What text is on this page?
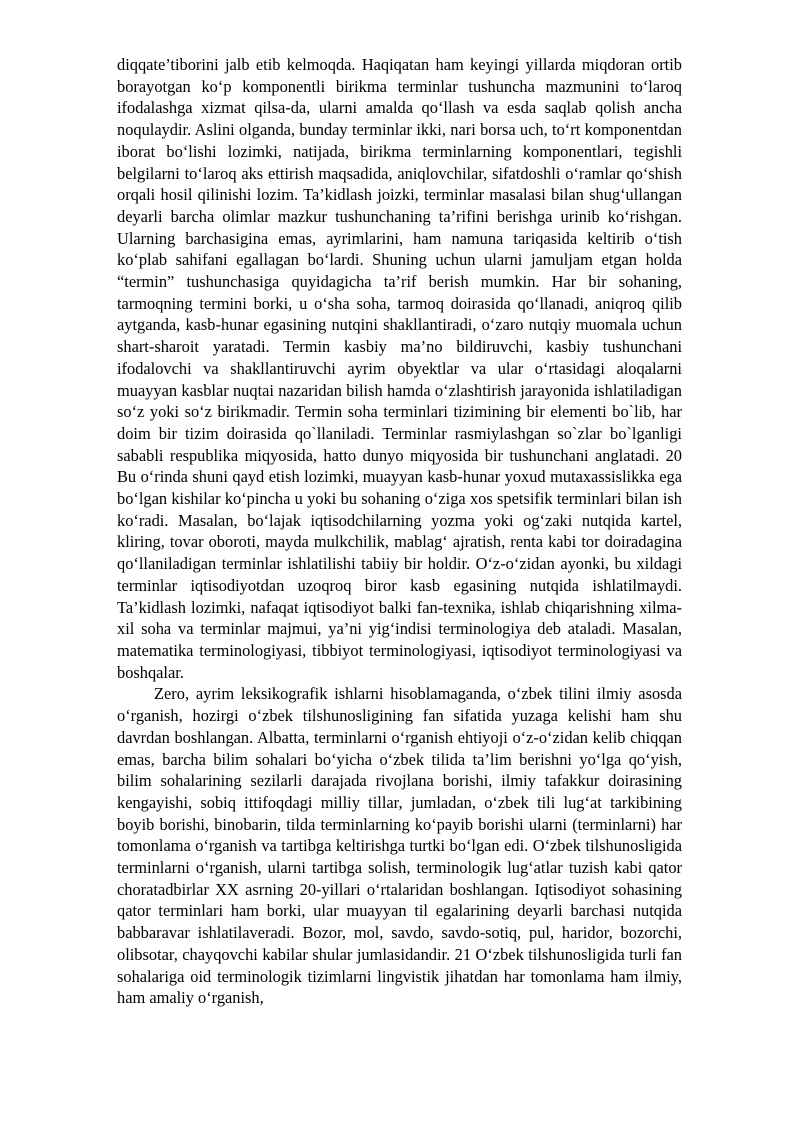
diqqate’tiborini jalb etib kelmoqda. Haqiqatan ham keyingi yillarda miqdoran ortib borayotgan ko‘p komponentli birikma terminlar tushuncha mazmunini to‘laroq ifodalashga xizmat qilsa-da, ularni amalda qo‘llash va esda saqlab qolish ancha noqulaydir. Aslini olganda, bunday terminlar ikki, nari borsa uch, to‘rt komponentdan iborat bo‘lishi lozimki, natijada, birikma terminlarning komponentlari, tegishli belgilarni to‘laroq aks ettirish maqsadida, aniqlovchilar, sifatdoshli o‘ramlar qo‘shish orqali hosil qilinishi lozim. Ta’kidlash joizki, terminlar masalasi bilan shug‘ullangan deyarli barcha olimlar mazkur tushunchaning ta’rifini berishga urinib ko‘rishgan. Ularning barchasigina emas, ayrimlarini, ham namuna tariqasida keltirib o‘tish ko‘plab sahifani egallagan bo‘lardi. Shuning uchun ularni jamuljam etgan holda “termin” tushunchasiga quyidagicha ta’rif berish mumkin. Har bir sohaning, tarmoqning termini borki, u o‘sha soha, tarmoq doirasida qo‘llanadi, aniqroq qilib aytganda, kasb-hunar egasining nutqini shakllantiradi, o‘zaro nutqiy muomala uchun shart-sharoit yaratadi. Termin kasbiy ma’no bildiruvchi, kasbiy tushunchani ifodalovchi va shakllantiruvchi ayrim obyektlar va ular o‘rtasidagi aloqalarni muayyan kasblar nuqtai nazaridan bilish hamda o‘zlashtirish jarayonida ishlatiladigan so‘z yoki so‘z birikmadir. Termin soha terminlari tizimining bir elementi bo`lib, har doim bir tizim doirasida qo`llaniladi. Terminlar rasmiylashgan so`zlar bo`lganligi sababli respublika miqyosida, hatto dunyo miqyosida bir tushunchani anglatadi. 20 Bu o‘rinda shuni qayd etish lozimki, muayyan kasb-hunar yoxud mutaxassislikka ega bo‘lgan kishilar ko‘pincha u yoki bu sohaning o‘ziga xos spetsifik terminlari bilan ish ko‘radi. Masalan, bo‘lajak iqtisodchilarning yozma yoki og‘zaki nutqida kartel, kliring, tovar oboroti, mayda mulkchilik, mablag‘ ajratish, renta kabi tor doiradagina qo‘llaniladigan terminlar ishlatilishi tabiiy bir holdir. O‘z-o‘zidan ayonki, bu xildagi terminlar iqtisodiyotdan uzoqroq biror kasb egasining nutqida ishlatilmaydi. Ta’kidlash lozimki, nafaqat iqtisodiyot balki fan-texnika, ishlab chiqarishning xilma-xil soha va terminlar majmui, ya’ni yig‘indisi terminologiya deb ataladi. Masalan, matematika terminologiyasi, tibbiyot terminologiyasi, iqtisodiyot terminologiyasi va boshqalar.

Zero, ayrim leksikografik ishlarni hisoblamaganda, o‘zbek tilini ilmiy asosda o‘rganish, hozirgi o‘zbek tilshunosligining fan sifatida yuzaga kelishi ham shu davrdan boshlangan. Albatta, terminlarni o‘rganish ehtiyoji o‘z-o‘zidan kelib chiqqan emas, barcha bilim sohalari bo‘yicha o‘zbek tilida ta’lim berishni yo‘lga qo‘yish, bilim sohalarining sezilarli darajada rivojlana borishi, ilmiy tafakkur doirasining kengayishi, sobiq ittifoqdagi milliy tillar, jumladan, o‘zbek tili lug‘at tarkibining boyib borishi, binobarin, tilda terminlarning ko‘payib borishi ularni (terminlarni) har tomonlama o‘rganish va tartibga keltirishga turtki bo‘lgan edi. O‘zbek tilshunosligida terminlarni o‘rganish, ularni tartibga solish, terminologik lug‘atlar tuzish kabi qator choratadbirlar XX asrning 20-yillari o‘rtalaridan boshlangan. Iqtisodiyot sohasining qator terminlari ham borki, ular muayyan til egalarining deyarli barchasi nutqida babbaravar ishlatilaveradi. Bozor, mol, savdo, savdo-sotiq, pul, haridor, bozorchi, olibsotar, chayqovchi kabilar shular jumlasidandir. 21 O‘zbek tilshunosligida turli fan sohalariga oid terminologik tizimlarni lingvistik jihatdan har tomonlama ham ilmiy, ham amaliy o‘rganish,
